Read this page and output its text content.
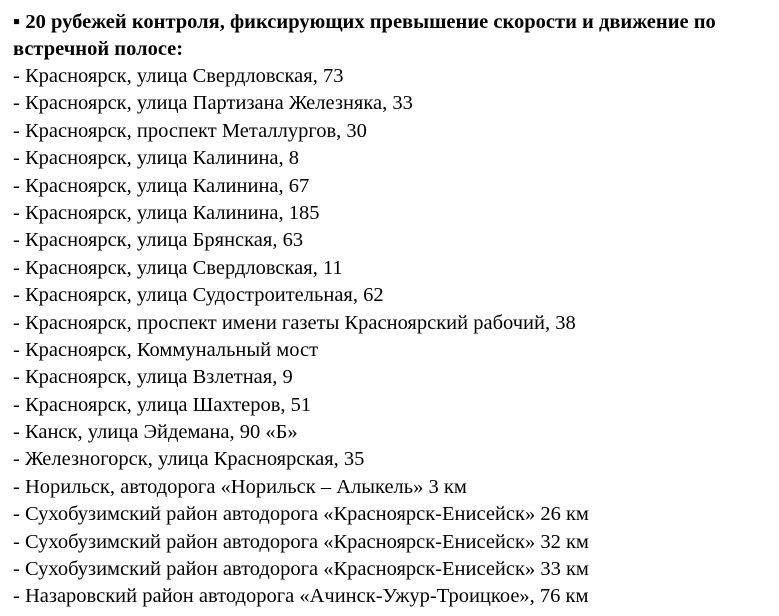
▪ 20 рубежей контроля, фиксирующих превышение скорости и движение по
встречной полосе:

- Красноярск, улица Свердловская, 73
- Красноярск, улица Партизана Железняка, 33
- Красноярск, проспект Металлургов, 30
- Красноярск, улица Калинина, 8
- Красноярск, улица Калинина, 67
- Красноярск, улица Калинина, 185
- Красноярск, улица Брянская, 63
- Красноярск, улица Свердловская, 11
- Красноярск, улица Судостроительная, 62
- Красноярск, проспект имени газеты Красноярский рабочий, 38
- Красноярск, Коммунальный мост
- Красноярск, улица Взлетная, 9
- Красноярск, улица Шахтеров, 51
- Канск, улица Эйдемана, 90 «Б»
- Железногорск, улица Красноярская, 35
- Норильск, автодорога «Норильск – Алыкель» 3 км
- Сухобузимский район автодорога «Красноярск-Енисейск» 26 км
- Сухобузимский район автодорога «Красноярск-Енисейск» 32 км
- Сухобузимский район автодорога «Красноярск-Енисейск» 33 км
- Назаровский район автодорога «Ачинск-Ужур-Троицкое», 76 км
